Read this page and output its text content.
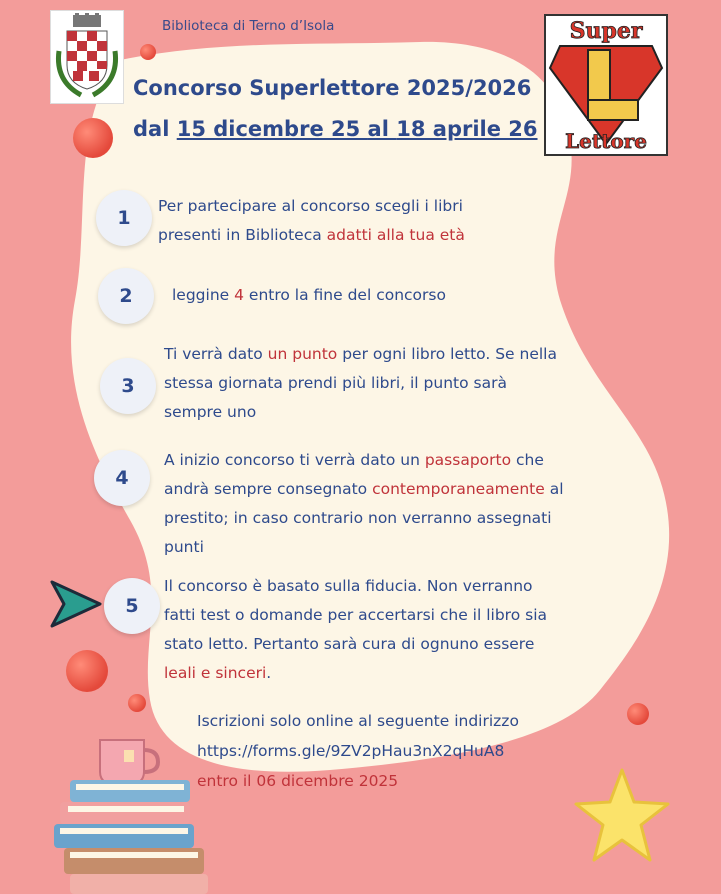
Super
Lettore
Biblioteca di Terno d’Isola
Concorso Superlettore 2025/2026
dal 15 dicembre 25 al 18 aprile 26
1
Per partecipare al concorso scegli i libri
presenti in Biblioteca adatti alla tua età
2	leggine 4 entro la fine del concorso
3
Ti verrà dato un punto per ogni libro letto. Se nella
stessa giornata prendi più libri, il punto sarà
sempre uno
4
A inizio concorso ti verrà dato un passaporto che
andrà sempre consegnato contemporaneamente al
prestito; in caso contrario non verranno assegnati
punti
5
Il concorso è basato sulla fiducia. Non verranno
fatti test o domande per accertarsi che il libro sia
stato letto. Pertanto sarà cura di ognuno essere
leali e sinceri.
Iscrizioni solo online al seguente indirizzo
https://forms.gle/9ZV2pHau3nX2qHuA8
entro il 06 dicembre 2025
